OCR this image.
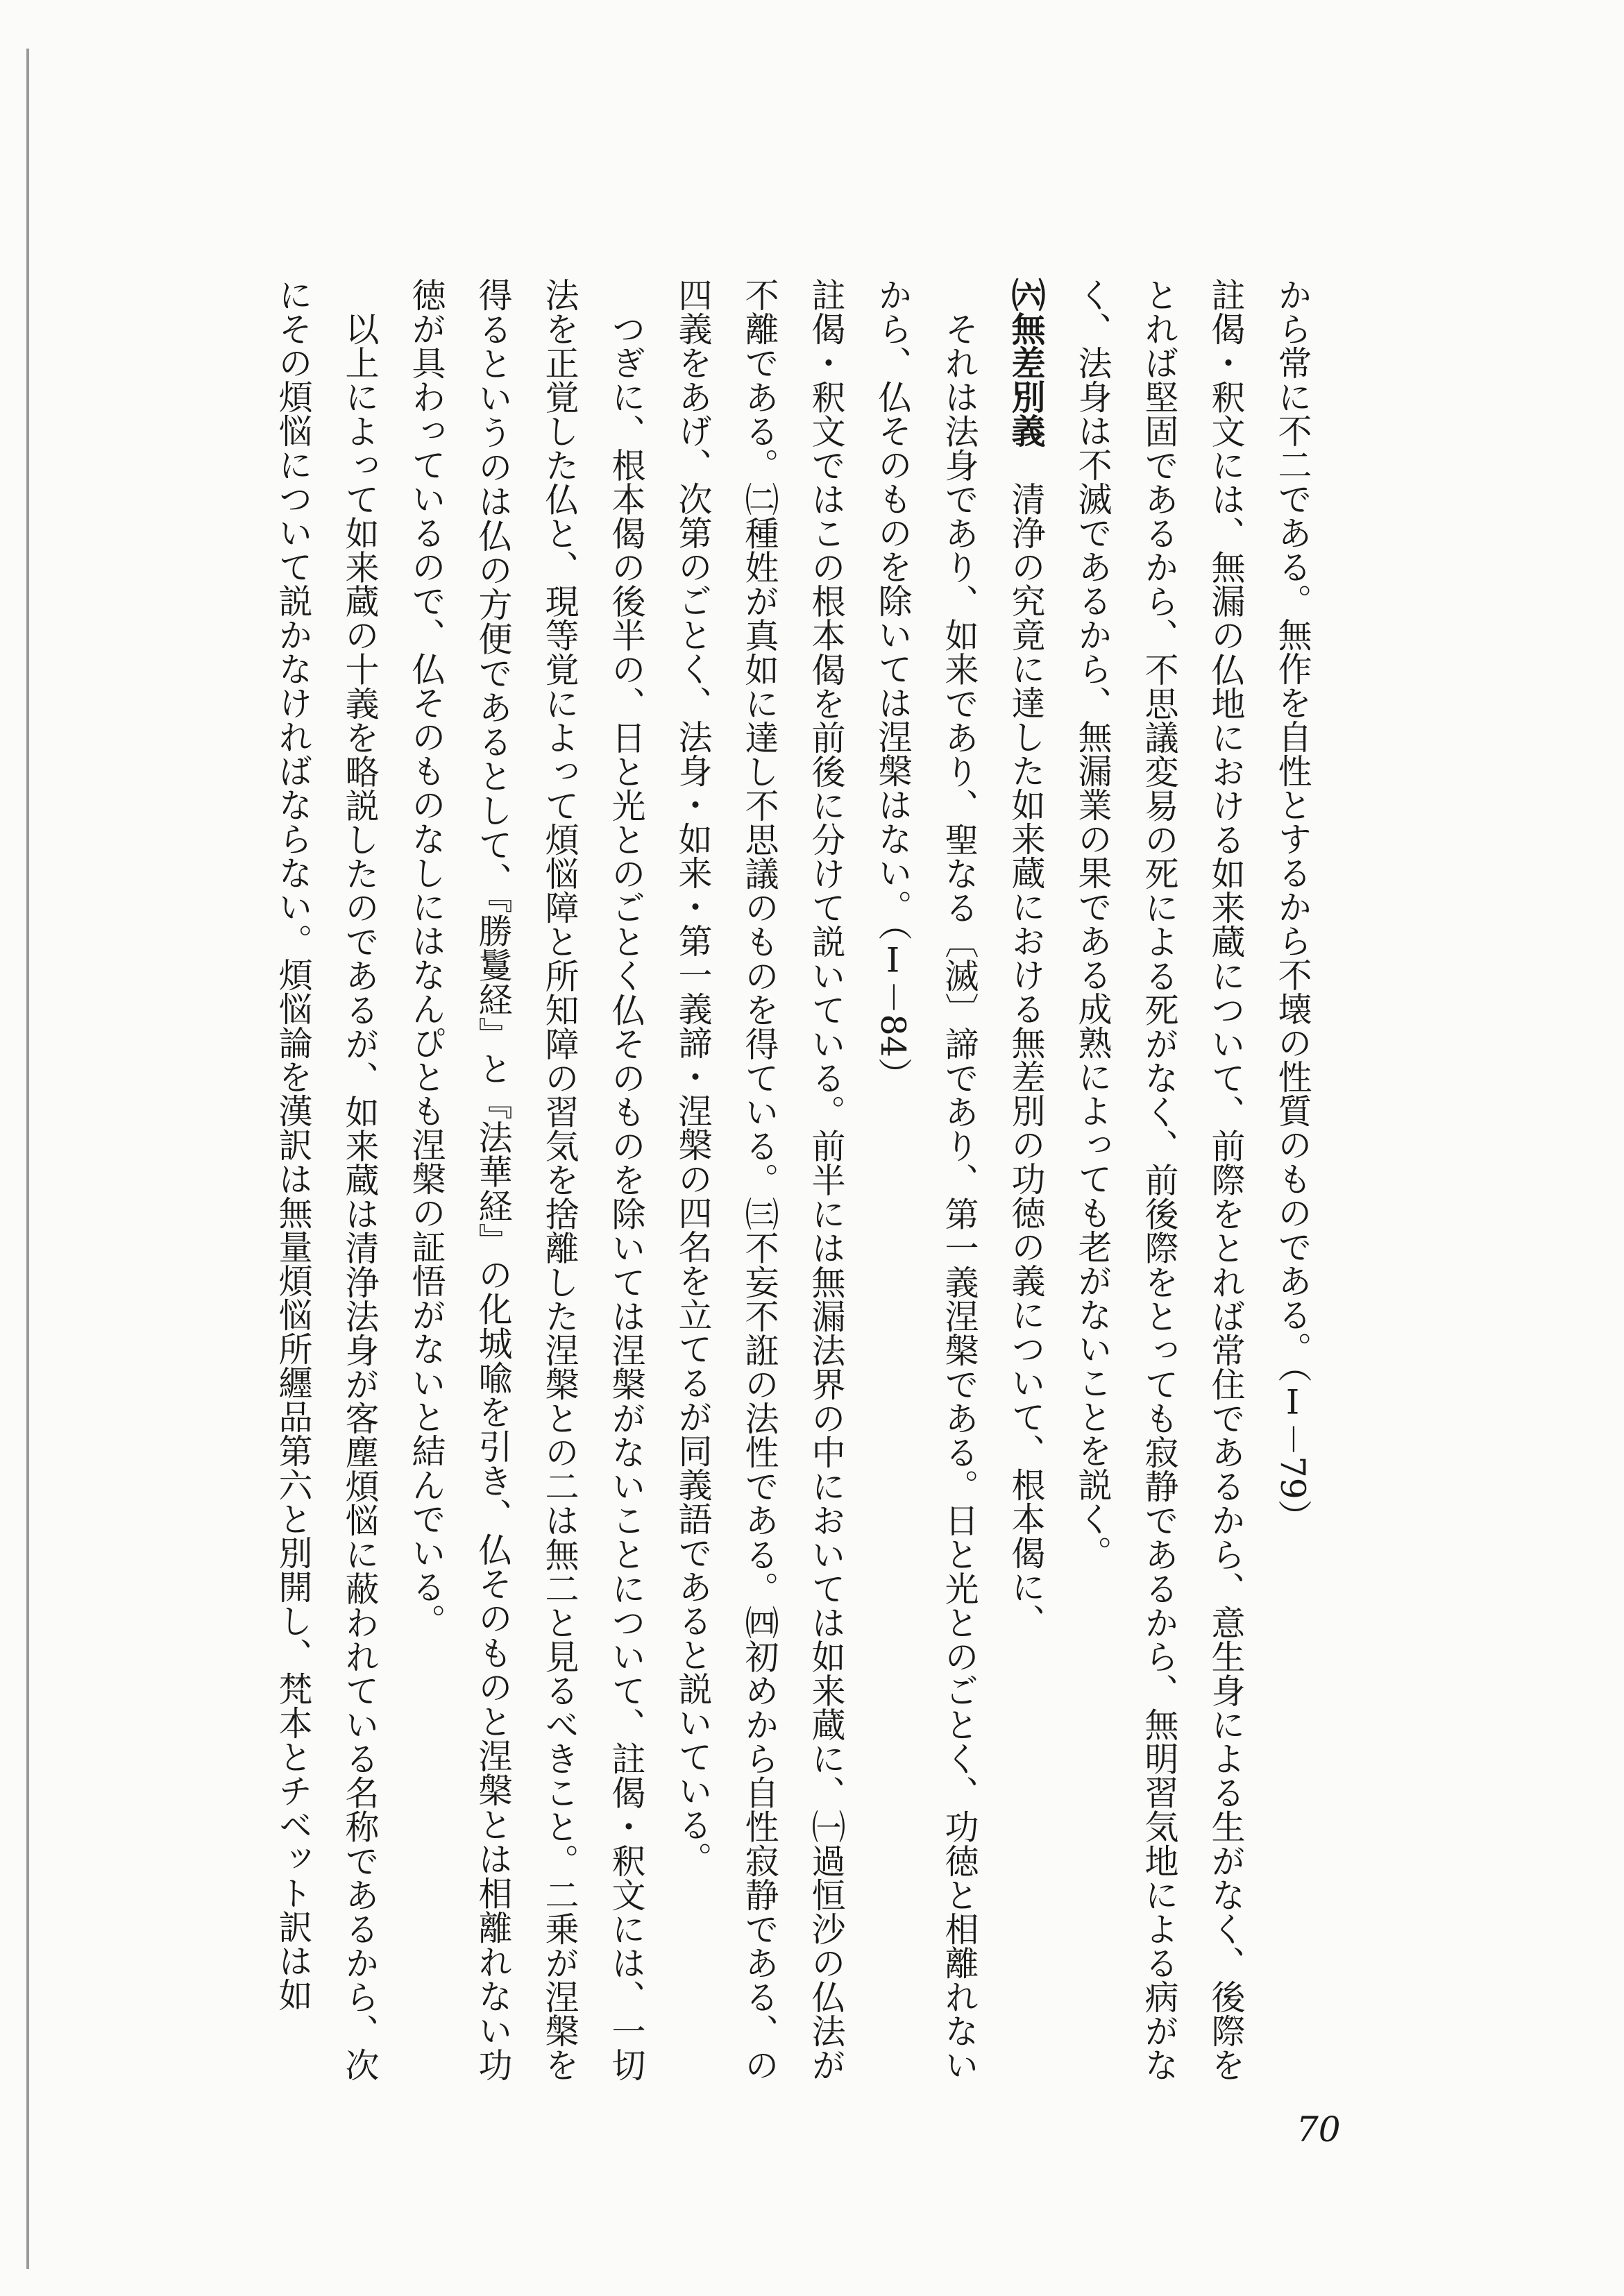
から常に不二である。無作を自性とするから不壊の性質のものである。（Ⅰ－79）

註偈・釈文には、無漏の仏地における如来蔵について、前際をとれば常住であるから、意生身による生がなく、後際をとれば堅固であるから、不思議変易の死による死がなく、前後際をとっても寂静であるから、無明習気地による病がなく、法身は不滅であるから、無漏業の果である成熟によっても老がないことを説く。

㈥無差別義　清浄の究竟に達した如来蔵における無差別の功徳の義について、根本偈に、

それは法身であり、如来であり、聖なる〔滅〕諦であり、第一義涅槃である。日と光とのごとく、功徳と相離れないから、仏そのものを除いては涅槃はない。（Ⅰ－84）

註偈・釈文ではこの根本偈を前後に分けて説いている。前半には無漏法界の中においては如来蔵に、㈠過恒沙の仏法が不離である。㈡種姓が真如に達し不思議のものを得ている。㈢不妄不誑の法性である。㈣初めから自性寂静である、の四義をあげ、次第のごとく、法身・如来・第一義諦・涅槃の四名を立てるが同義語であると説いている。

つぎに、根本偈の後半の、日と光とのごとく仏そのものを除いては涅槃がないことについて、註偈・釈文には、一切法を正覚した仏と、現等覚によって煩悩障と所知障の習気を捨離した涅槃との二は無二と見るべきこと。二乗が涅槃を得るというのは仏の方便であるとして、『勝鬘経』と『法華経』の化城喩を引き、仏そのものと涅槃とは相離れない功徳が具わっているので、仏そのものなしにはなんぴとも涅槃の証悟がないと結んでいる。

以上によって如来蔵の十義を略説したのであるが、如来蔵は清浄法身が客塵煩悩に蔽われている名称であるから、次にその煩悩について説かなければならない。煩悩論を漢訳は無量煩悩所纒品第六と別開し、梵本とチベット訳は如

70
